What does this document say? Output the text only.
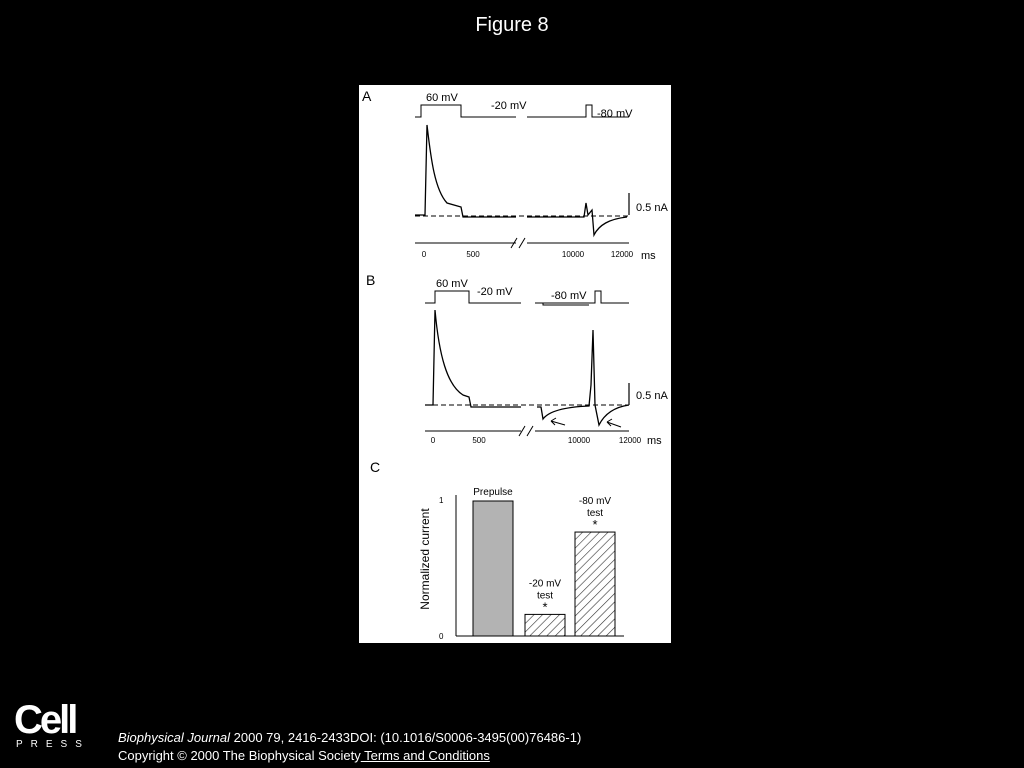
Figure 8
A	60 mV
-20 mV
-80 mV
0.5 nA
0	500	10000	12000 ms
B	60 mV
-20 mV	-80 mV
0.5 nA
0	500	10000	12000 ms
C
Normalized current
1
0
Prepulse
-20 mV
test
*
-80 mV
test
*
Cell
PRESS Biophysical Journal 2000 79, 2416-2433DOI: (10.1016/S0006-3495(00)76486-1)
Copyright © 2000 The Biophysical Society Terms and Conditions
